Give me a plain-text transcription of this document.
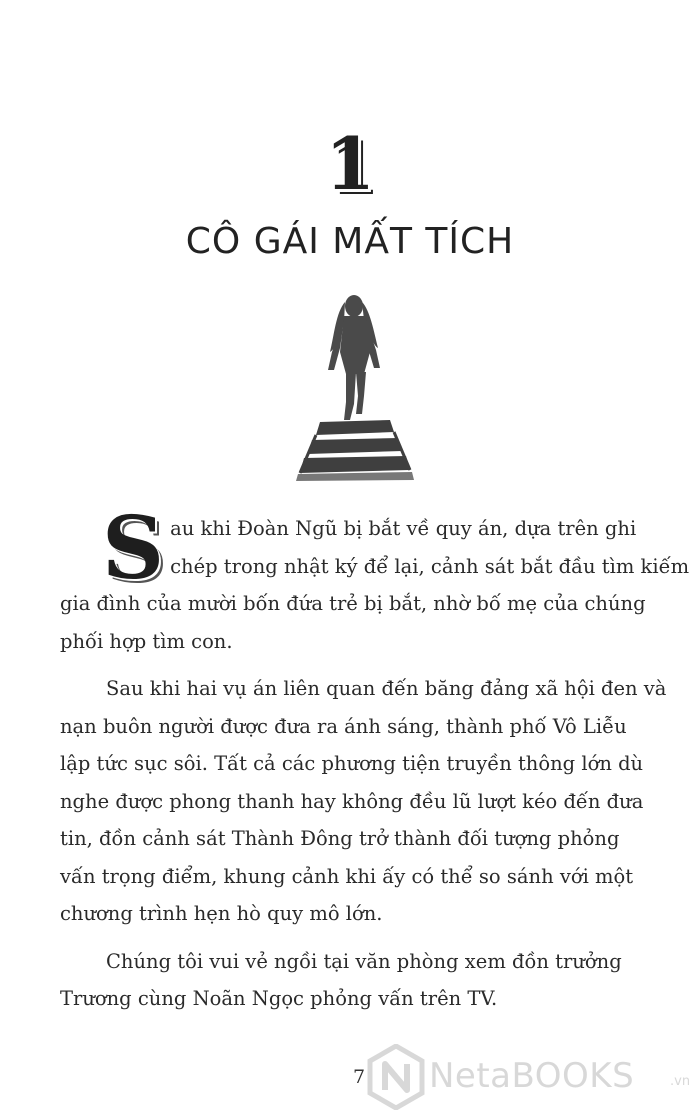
1
CÔ GÁI MẤT TÍCH
S au khi Đoàn Ngũ bị bắt về quy án, dựa trên ghi
chép trong nhật ký để lại, cảnh sát bắt đầu tìm kiếm
gia đình của mười bốn đứa trẻ bị bắt, nhờ bố mẹ của chúng
phối hợp tìm con.
Sau khi hai vụ án liên quan đến băng đảng xã hội đen và
nạn buôn người được đưa ra ánh sáng, thành phố Vô Liễu
lập tức sục sôi. Tất cả các phương tiện truyền thông lớn dù
nghe được phong thanh hay không đều lũ lượt kéo đến đưa
tin, đồn cảnh sát Thành Đông trở thành đối tượng phỏng
vấn trọng điểm, khung cảnh khi ấy có thể so sánh với một
chương trình hẹn hò quy mô lớn.
Chúng tôi vui vẻ ngồi tại văn phòng xem đồn trưởng
Trương cùng Noãn Ngọc phỏng vấn trên TV.
7 NetaBOOKS	.vn
